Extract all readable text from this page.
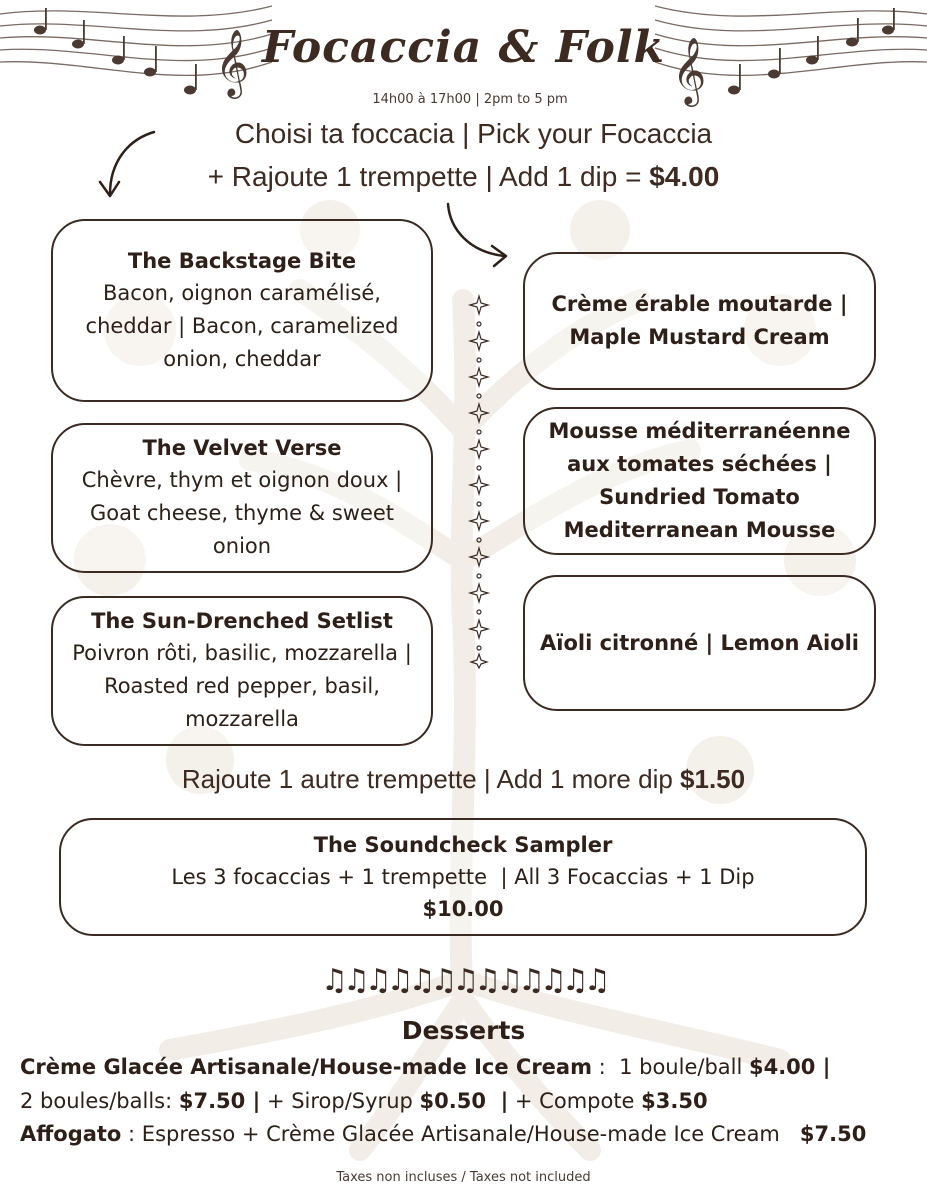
𝄞	𝄞
Focaccia & Folk
14h00 à 17h00 | 2pm to 5 pm
Choisi ta foccacia | Pick your Focaccia
+ Rajoute 1 trempette | Add 1 dip = $4.00
The Backstage Bite
Bacon, oignon caramélisé, cheddar | Bacon, caramelized onion, cheddar
The Velvet Verse
Chèvre, thym et oignon doux | Goat cheese, thyme & sweet onion
The Sun-Drenched Setlist
Poivron rôti, basilic, mozzarella | Roasted red pepper, basil, mozzarella
Crème érable moutarde | Maple Mustard Cream
Mousse méditerranéenne aux tomates séchées | Sundried Tomato Mediterranean Mousse
Aïoli citronné | Lemon Aioli
Rajoute 1 autre trempette | Add 1 more dip $1.50
The Soundcheck Sampler
Les 3 focaccias + 1 trempette  | All 3 Focaccias + 1 Dip
$10.00
♫♫♫♫♫♫♫♫♫♫♫♫♫
Desserts
Crème Glacée Artisanale/House-made Ice Cream :  1 boule/ball $4.00 |
2 boules/balls: $7.50 | + Sirop/Syrup $0.50  | + Compote $3.50
Affogato : Espresso + Crème Glacée Artisanale/House-made Ice Cream   $7.50
Taxes non incluses / Taxes not included
